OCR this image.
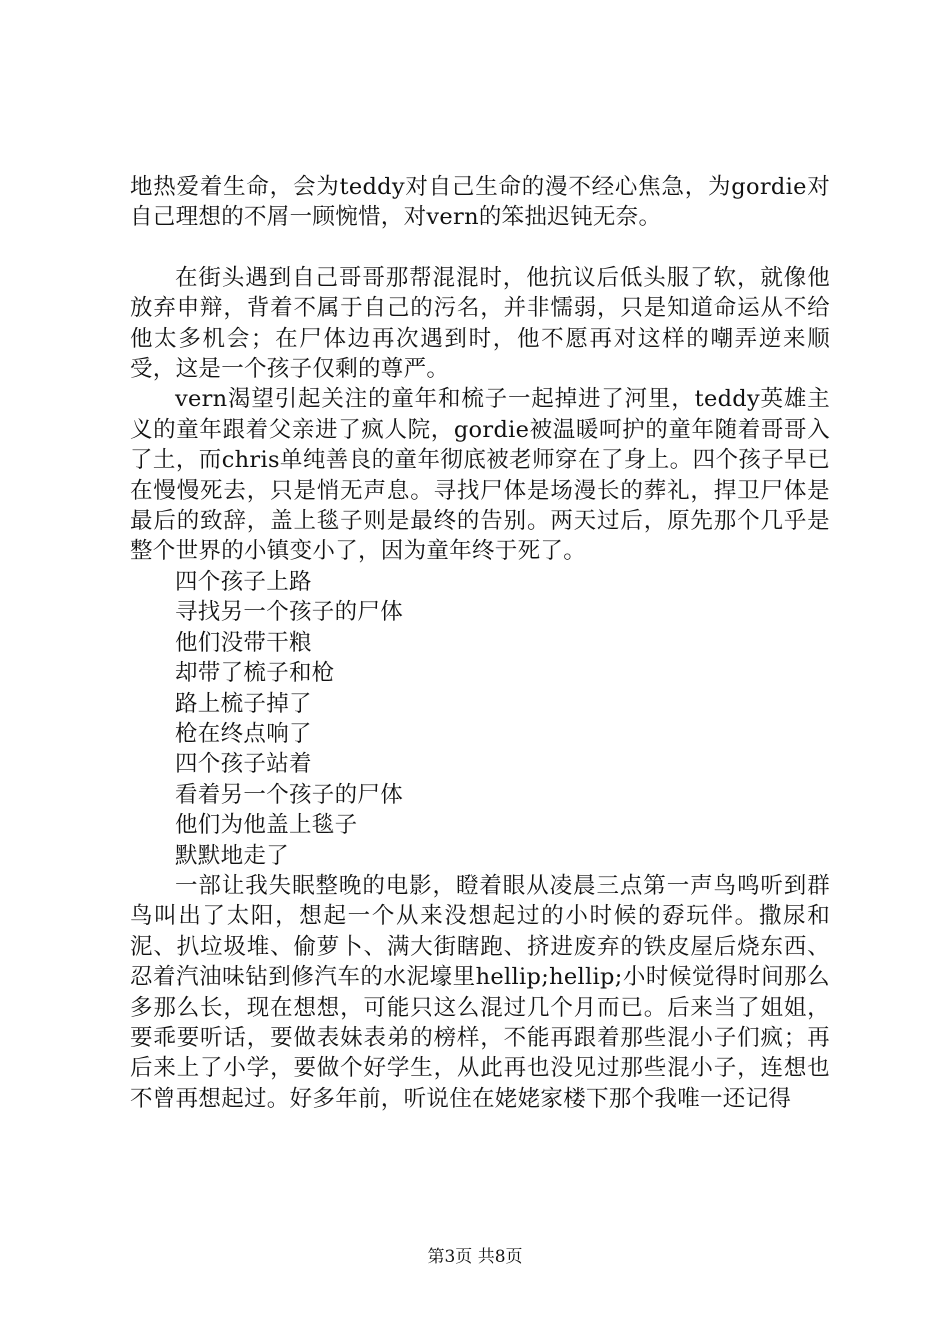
地热爱着生命，会为teddy对自己生命的漫不经心焦急，为gordie对自己理想的不屑一顾惋惜，对vern的笨拙迟钝无奈。

在街头遇到自己哥哥那帮混混时，他抗议后低头服了软，就像他放弃申辩，背着不属于自己的污名，并非懦弱，只是知道命运从不给他太多机会；在尸体边再次遇到时，他不愿再对这样的嘲弄逆来顺受，这是一个孩子仅剩的尊严。

vern渴望引起关注的童年和梳子一起掉进了河里，teddy英雄主义的童年跟着父亲进了疯人院，gordie被温暖呵护的童年随着哥哥入了土，而chris单纯善良的童年彻底被老师穿在了身上。四个孩子早已在慢慢死去，只是悄无声息。寻找尸体是场漫长的葬礼，捍卫尸体是最后的致辞，盖上毯子则是最终的告别。两天过后，原先那个几乎是整个世界的小镇变小了，因为童年终于死了。

四个孩子上路

寻找另一个孩子的尸体

他们没带干粮

却带了梳子和枪

路上梳子掉了

枪在终点响了

四个孩子站着

看着另一个孩子的尸体

他们为他盖上毯子

默默地走了

一部让我失眠整晚的电影，瞪着眼从凌晨三点第一声鸟鸣听到群鸟叫出了太阳，想起一个从来没想起过的小时候的孬玩伴。撒尿和泥、扒垃圾堆、偷萝卜、满大街瞎跑、挤进废弃的铁皮屋后烧东西、忍着汽油味钻到修汽车的水泥壕里hellip;hellip;小时候觉得时间那么多那么长，现在想想，可能只这么混过几个月而已。后来当了姐姐，要乖要听话，要做表妹表弟的榜样，不能再跟着那些混小子们疯；再后来上了小学，要做个好学生，从此再也没见过那些混小子，连想也不曾再想起过。好多年前，听说住在姥姥家楼下那个我唯一还记得

第3页 共8页
